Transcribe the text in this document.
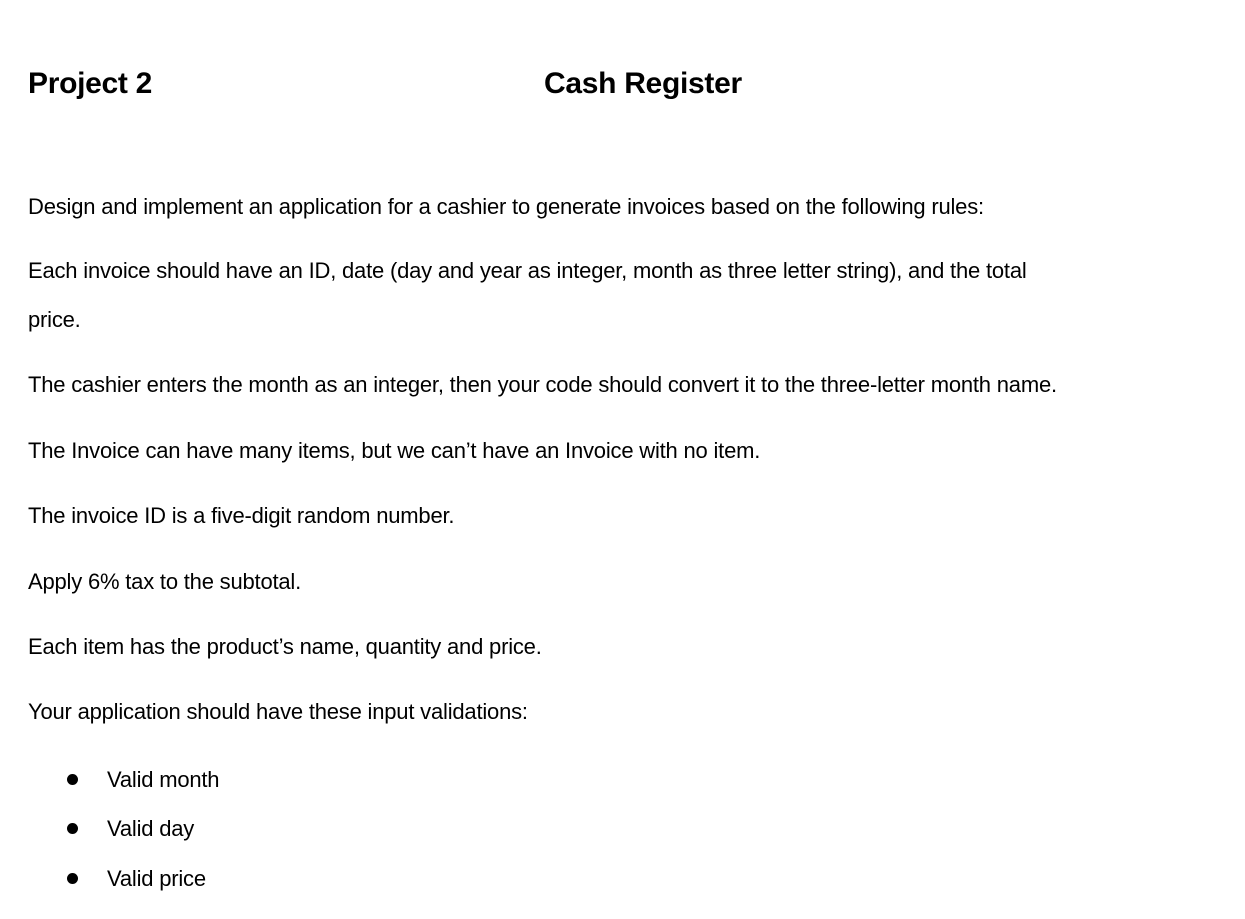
Project 2	Cash Register
Design and implement an application for a cashier to generate invoices based on the following rules:
Each invoice should have an ID, date (day and year as integer, month as three letter string), and the total
price.
The cashier enters the month as an integer, then your code should convert it to the three-letter month name.
The Invoice can have many items, but we can’t have an Invoice with no item.
The invoice ID is a five-digit random number.
Apply 6% tax to the subtotal.
Each item has the product’s name, quantity and price.
Your application should have these input validations:
Valid month
Valid day
Valid price
